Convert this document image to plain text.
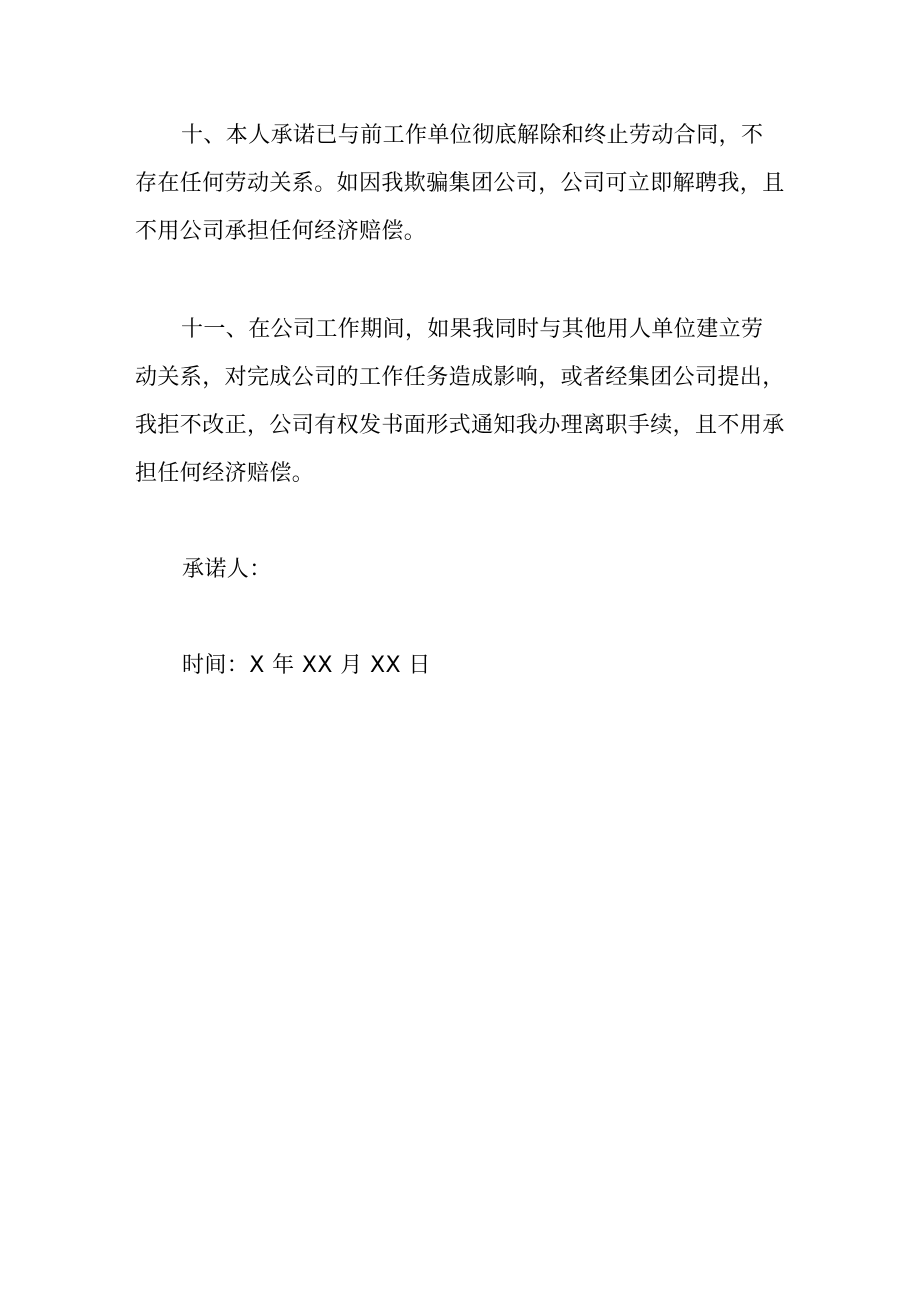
十、本人承诺已与前工作单位彻底解除和终止劳动合同，不
存在任何劳动关系。如因我欺骗集团公司，公司可立即解聘我，且
不用公司承担任何经济赔偿。
十一、在公司工作期间，如果我同时与其他用人单位建立劳
动关系，对完成公司的工作任务造成影响，或者经集团公司提出，
我拒不改正，公司有权发书面形式通知我办理离职手续，且不用承
担任何经济赔偿。
承诺人：
时间：X 年 XX 月 XX 日
